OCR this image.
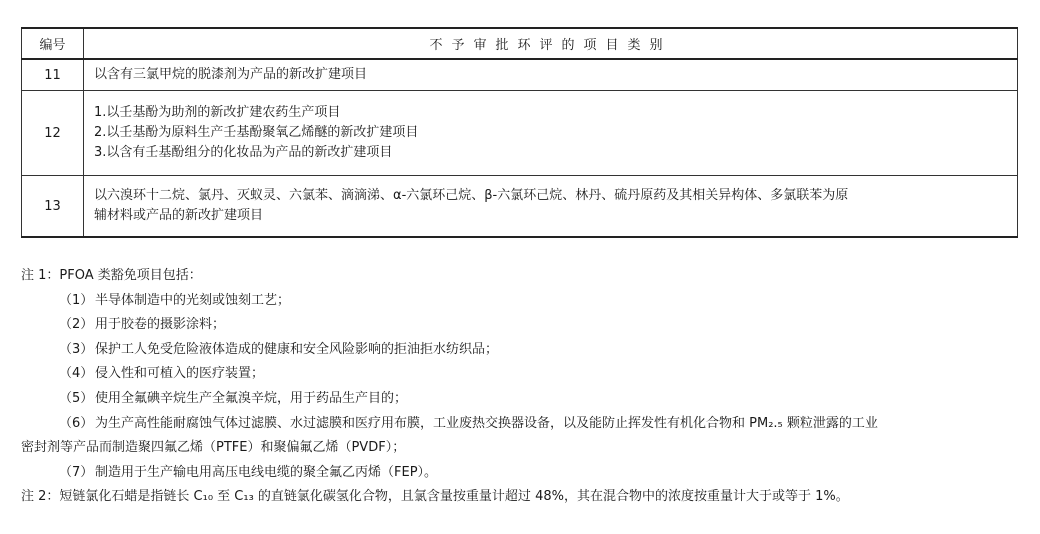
编号	不予审批环评的项目类别
11	以含有三氯甲烷的脱漆剂为产品的新改扩建项目

12	1.以壬基酚为助剂的新改扩建农药生产项目
2.以壬基酚为原料生产壬基酚聚氧乙烯醚的新改扩建项目
3.以含有壬基酚组分的化妆品为产品的新改扩建项目

13	以六溴环十二烷、氯丹、灭蚁灵、六氯苯、滴滴涕、α-六氯环己烷、β-六氯环己烷、林丹、硫丹原药及其相关异构体、多氯联苯为原
辅材料或产品的新改扩建项目
注 1：PFOA 类豁免项目包括：
（1） 半导体制造中的光刻或蚀刻工艺；
（2） 用于胶卷的摄影涂料；
（3） 保护工人免受危险液体造成的健康和安全风险影响的拒油拒水纺织品；
（4） 侵入性和可植入的医疗装置；
（5） 使用全氟碘辛烷生产全氟溴辛烷，用于药品生产目的；
（6） 为生产高性能耐腐蚀气体过滤膜、水过滤膜和医疗用布膜，工业废热交换器设备，以及能防止挥发性有机化合物和 PM₂.₅ 颗粒泄露的工业
密封剂等产品而制造聚四氟乙烯（PTFE）和聚偏氟乙烯（PVDF）；
（7） 制造用于生产输电用高压电线电缆的聚全氟乙丙烯（FEP）。
注 2：短链氯化石蜡是指链长 C₁₀ 至 C₁₃ 的直链氯化碳氢化合物，且氯含量按重量计超过 48%，其在混合物中的浓度按重量计大于或等于 1%。
